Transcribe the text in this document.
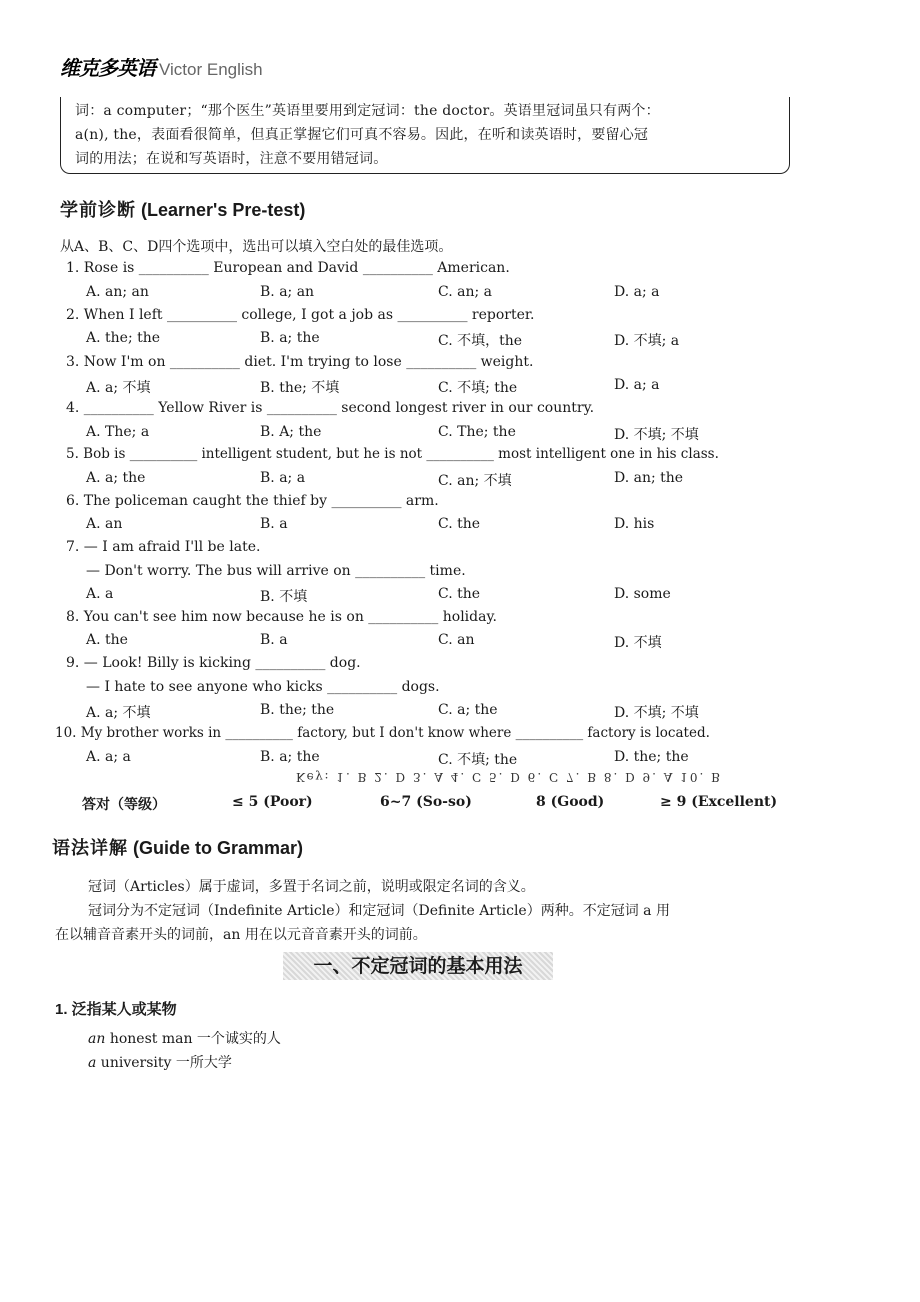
维克多英语 Victor English

词：a computer；“那个医生”英语里要用到定冠词：the doctor。英语里冠词虽只有两个：

a(n), the，表面看很简单，但真正掌握它们可真不容易。因此，在听和读英语时，要留心冠

词的用法；在说和写英语时，注意不要用错冠词。

学前诊断 (Learner's Pre-test)
从A、B、C、D四个选项中，选出可以填入空白处的最佳选项。
1. Rose is __________ European and David __________ American.
A. an; an	B. a; an	C. an; a	D. a; a
2. When I left __________ college, I got a job as __________ reporter.
A. the; the	B. a; the	C. 不填，the	D. 不填; a
3. Now I'm on __________ diet. I'm trying to lose __________ weight.
A. a; 不填	B. the; 不填	C. 不填; the	D. a; a
4. __________ Yellow River is __________ second longest river in our country.
A. The; a	B. A; the	C. The; the	D. 不填; 不填
5. Bob is __________ intelligent student, but he is not __________ most intelligent one in his class.
A. a; the	B. a; a	C. an; 不填	D. an; the
6. The policeman caught the thief by __________ arm.
A. an	B. a	C. the	D. his
7. — I am afraid I'll be late.
— Don't worry. The bus will arrive on __________ time.
A. a	B. 不填	C. the	D. some
8. You can't see him now because he is on __________ holiday.
A. the	B. a	C. an	D. 不填
9. — Look! Billy is kicking __________ dog.
— I hate to see anyone who kicks __________ dogs.
A. a; 不填	B. the; the	C. a; the	D. 不填; 不填
10. My brother works in __________ factory, but I don't know where __________ factory is located.
A. a; a	B. a; the	C. 不填; the	D. the; the
Key: 1. B 2. D 3. A 4. C 5. D 6. C 7. B 8. D 9. A 10. B
答对（等级）	≤ 5 (Poor)	6~7 (So-so)	8 (Good)	≥ 9 (Excellent)
语法详解 (Guide to Grammar)
冠词（Articles）属于虚词，多置于名词之前，说明或限定名词的含义。
冠词分为不定冠词（Indefinite Article）和定冠词（Definite Article）两种。不定冠词 a 用
在以辅音音素开头的词前，an 用在以元音音素开头的词前。
一、不定冠词的基本用法
1. 泛指某人或某物
an honest man 一个诚实的人
a university 一所大学
